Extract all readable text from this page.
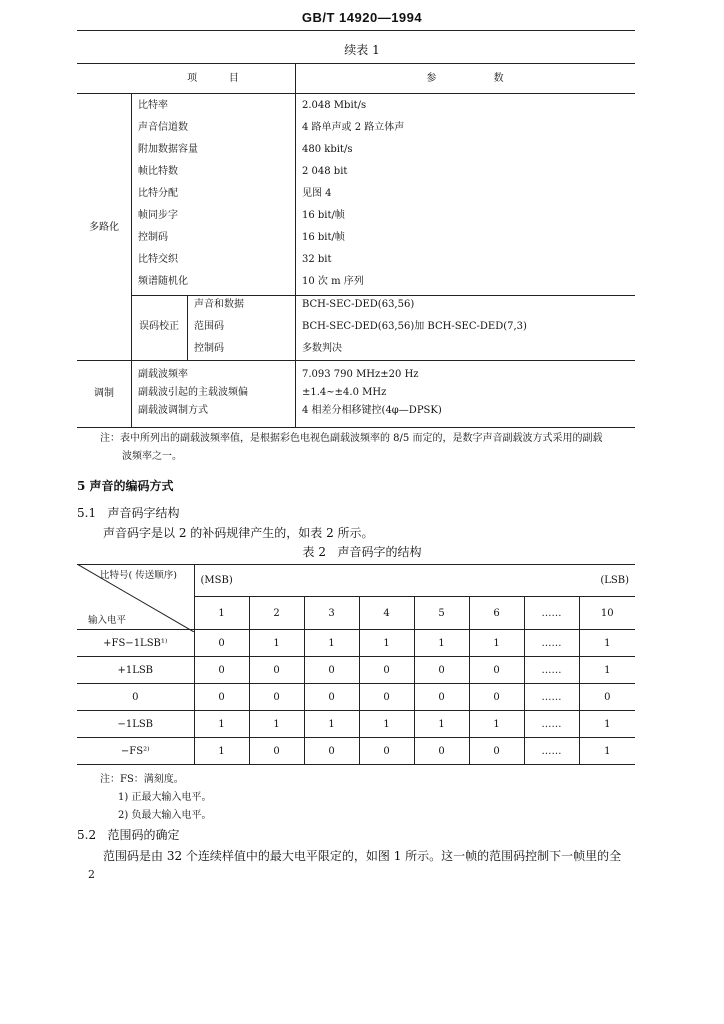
GB/T 14920—1994
续表 1
项          目	参                  数
多路化
比特率	2.048 Mbit/s
声音信道数	4 路单声或 2 路立体声
附加数据容量	480 kbit/s
帧比特数	2 048 bit
比特分配	见图 4
帧同步字	16 bit/帧
控制码	16 bit/帧
比特交织	32 bit
频谱随机化	10 次 m 序列
误码校正
声音和数据	BCH-SEC-DED(63,56)
范围码	BCH-SEC-DED(63,56)加 BCH-SEC-DED(7,3)
控制码	多数判决
调制
副载波频率	7.093 790 MHz±20 Hz
副载波引起的主载波频偏	±1.4~±4.0 MHz
副载波调制方式	4 相差分相移键控(4φ—DPSK)
注：表中所列出的副载波频率值，是根据彩色电视色副载波频率的 8/5 而定的，是数字声音副载波方式采用的副载
波频率之一。
5 声音的编码方式
5.1   声音码字结构
声音码字是以 2 的补码规律产生的，如表 2 所示。
表 2   声音码字的结构

	(MSB) (LSB)							

	1	2	3	4	5	6	……	10
+FS−1LSB¹⁾	0	1	1	1	1	1	……	1
+1LSB	0	0	0	0	0	0	……	1
0	0	0	0	0	0	0	……	0
−1LSB	1	1	1	1	1	1	……	1
−FS²⁾	1	0	0	0	0	0	……	1
比特号( 传送顺序)
输入电平
注：FS：满刻度。
1) 正最大输入电平。
2) 负最大输入电平。
5.2   范围码的确定
范围码是由 32 个连续样值中的最大电平限定的，如图 1 所示。这一帧的范围码控制下一帧里的全
2
